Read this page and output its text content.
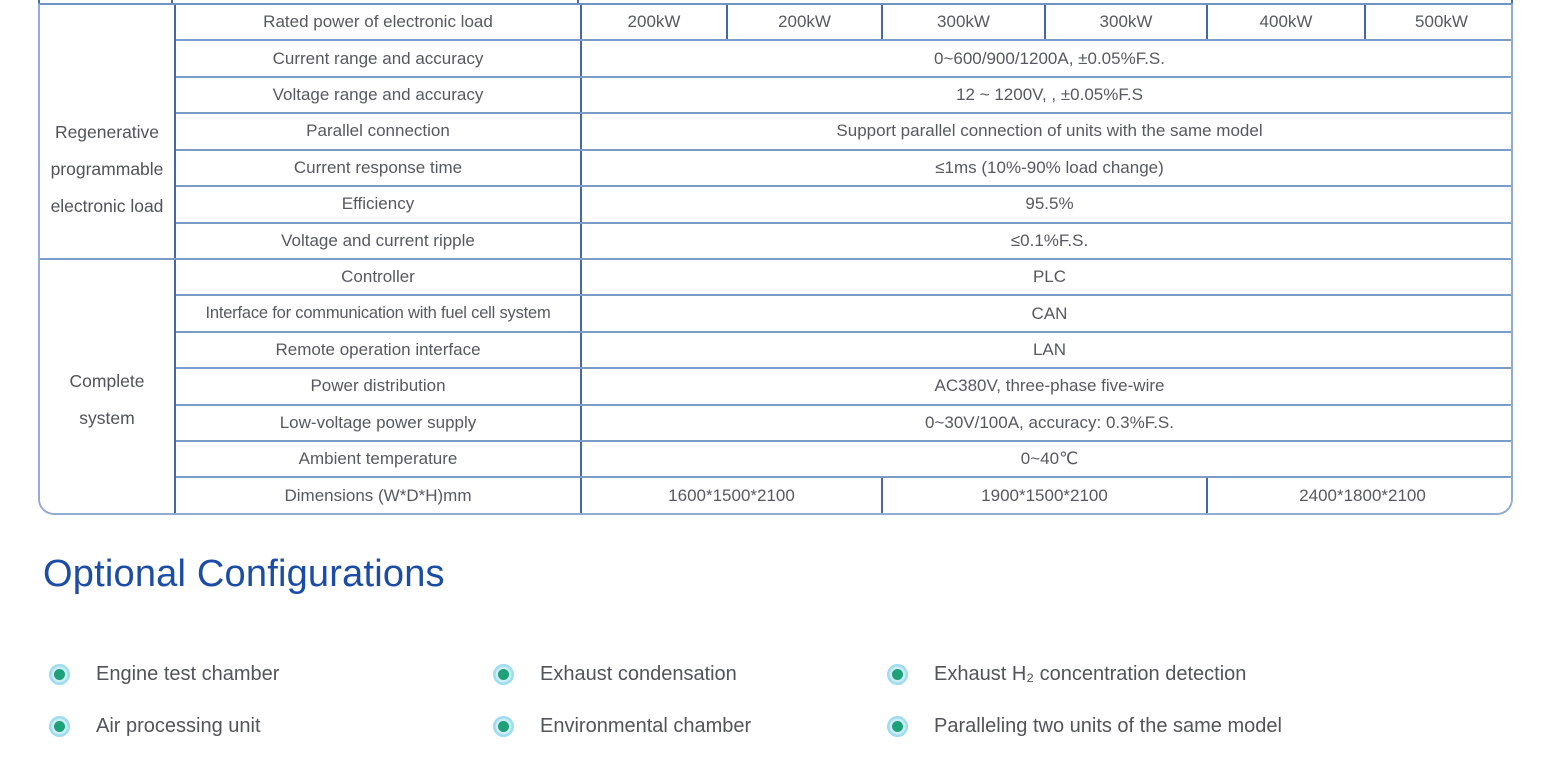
Regenerative
programmable
electronic load	Rated power of electronic load	200kW	200kW	300kW	300kW	400kW	500kW
	Current range and accuracy	0~600/900/1200A, ±0.05%F.S.					
	Voltage range and accuracy	12 ~ 1200V, , ±0.05%F.S					
	Parallel connection	Support parallel connection of units with the same model					
	Current response time	≤1ms (10%-90% load change)					
	Efficiency	95.5%					
	Voltage and current ripple	≤0.1%F.S.					

Complete
system	Controller	PLC					
	Interface for communication with fuel cell system	CAN					
	Remote operation interface	LAN					
	Power distribution	AC380V, three-phase five-wire					
	Low-voltage power supply	0~30V/100A, accuracy: 0.3%F.S.					
	Ambient temperature	0~40℃					
	Dimensions (W*D*H)mm	1600*1500*2100		1900*1500*2100		2400*1800*2100	
Optional Configurations
Engine test chamber	Exhaust condensation	Exhaust H₂ concentration detection
Air processing unit	Environmental chamber	Paralleling two units of the same model
